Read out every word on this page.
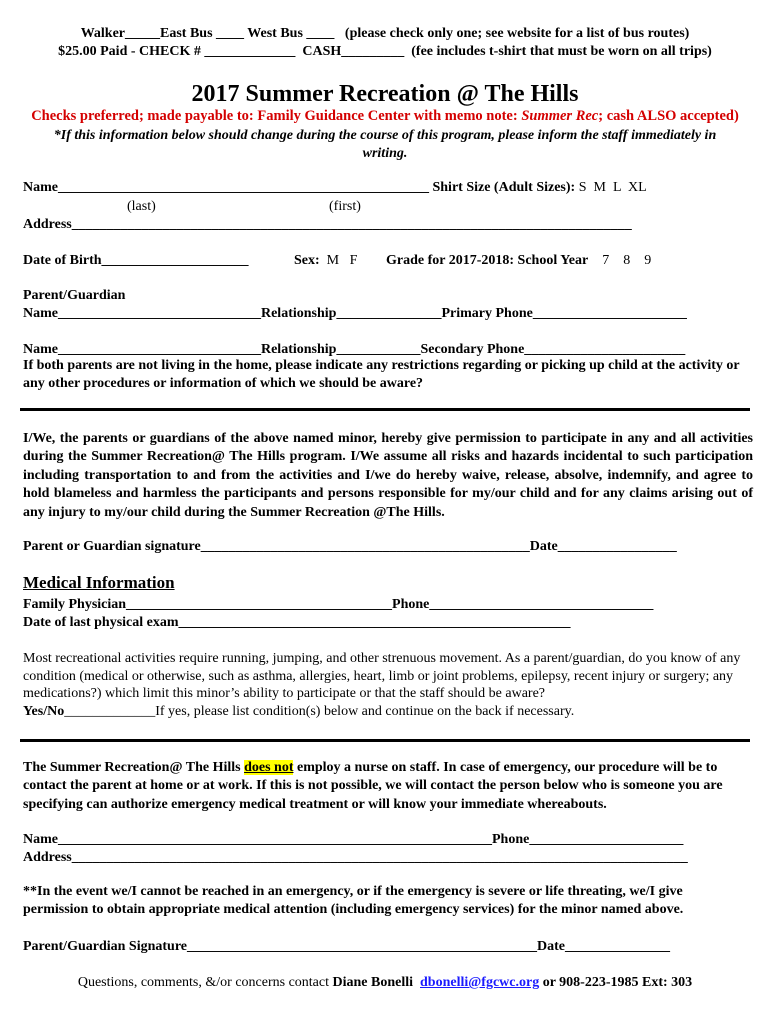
Walker_____East Bus ____ West Bus ____   (please check only one; see website for a list of bus routes)
$25.00 Paid - CHECK # _____________  CASH_________  (fee includes t-shirt that must be worn on all trips)
2017 Summer Recreation @ The Hills
Checks preferred; made payable to: Family Guidance Center with memo note: Summer Rec; cash ALSO accepted)
*If this information below should change during the course of this program, please inform the staff immediately in
writing.
Name_____________________________________________________ Shirt Size (Adult Sizes): S  M  L  XL
(last)	(first)
Address________________________________________________________________________________
Date of Birth_____________________	Sex: M   F Grade for 2017-2018: School Year 7    8    9
Parent/Guardian
Name_____________________________Relationship_______________Primary Phone______________________
Name_____________________________Relationship____________Secondary Phone_______________________
If both parents are not living in the home, please indicate any restrictions regarding or picking up child at the activity or any other procedures or information of which we should be aware?
I/We, the parents or guardians of the above named minor, hereby give permission to participate in any and all activities during the Summer Recreation@ The Hills program. I/We assume all risks and hazards incidental to such participation including transportation to and from the activities and I/we do hereby waive, release, absolve, indemnify, and agree to hold blameless and harmless the participants and persons responsible for my/our child and for any claims arising out of any injury to my/our child during the Summer Recreation @The Hills.
Parent or Guardian signature_______________________________________________Date_________________
Medical Information
Family Physician______________________________________Phone________________________________
Date of last physical exam________________________________________________________
Most recreational activities require running, jumping, and other strenuous movement. As a parent/guardian, do you know of any condition (medical or otherwise, such as asthma, allergies, heart, limb or joint problems, epilepsy, recent injury or surgery; any medications?) which limit this minor’s ability to participate or that the staff should be aware?
Yes/No_____________If yes, please list condition(s) below and continue on the back if necessary.
The Summer Recreation@ The Hills does not employ a nurse on staff. In case of emergency, our procedure will be to contact the parent at home or at work. If this is not possible, we will contact the person below who is someone you are specifying can authorize emergency medical treatment or will know your immediate whereabouts.
Name______________________________________________________________Phone______________________
Address________________________________________________________________________________________
**In the event we/I cannot be reached in an emergency, or if the emergency is severe or life threating, we/I give permission to obtain appropriate medical attention (including emergency services) for the minor named above.
Parent/Guardian Signature__________________________________________________Date_______________
Questions, comments, &/or concerns contact Diane Bonelli dbonelli@fgcwc.org or 908-223-1985 Ext: 303
